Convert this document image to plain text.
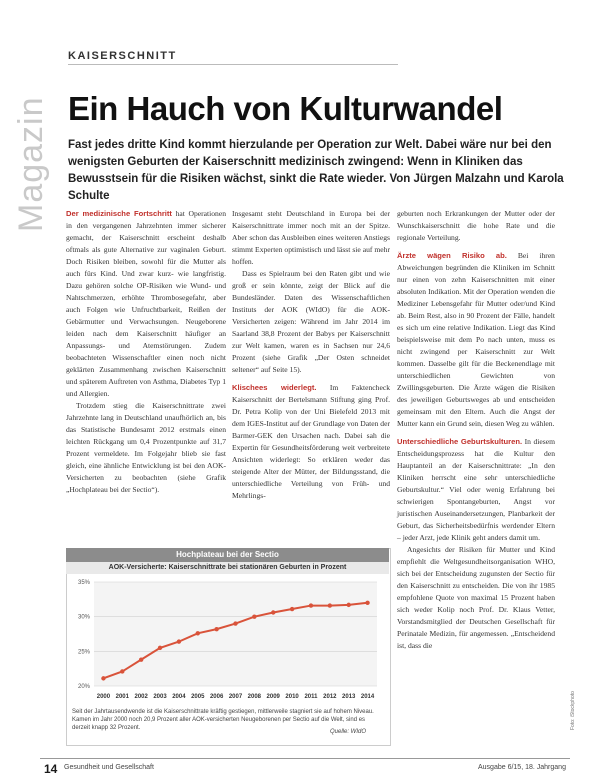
Magazin
KAISERSCHNITT
Ein Hauch von Kulturwandel
Fast jedes dritte Kind kommt hierzulande per Operation zur Welt. Dabei wäre nur bei den wenigsten Geburten der Kaiserschnitt medizinisch zwingend: Wenn in Kliniken das Bewusstsein für die Risiken wächst, sinkt die Rate wieder. Von Jürgen Malzahn und Karola Schulte

Der medizinische Fortschritt hat Operationen in den vergangenen Jahrzehnten immer sicherer gemacht, der Kaiserschnitt erscheint deshalb oftmals als gute Alternative zur vaginalen Geburt. Doch Risiken bleiben, sowohl für die Mutter als auch fürs Kind. Und zwar kurz- wie langfristig. Dazu gehören solche OP-Risiken wie Wund- und Nahtschmerzen, erhöhte Thrombosegefahr, aber auch Folgen wie Unfruchtbarkeit, Reißen der Gebärmutter und Verwachsungen. Neugeborene leiden nach dem Kaiserschnitt häufiger an Anpassungs- und Atemstörungen. Zudem beobachteten Wissenschaftler einen noch nicht geklärten Zusammenhang zwischen Kaiserschnitt und späterem Auftreten von Asthma, Diabetes Typ 1 und Allergien.

Trotzdem stieg die Kaiserschnittrate zwei Jahrzehnte lang in Deutschland unaufhörlich an, bis das Statistische Bundesamt 2012 erstmals einen leichten Rückgang um 0,4 Prozentpunkte auf 31,7 Prozent vermeldete. Im Folgejahr blieb sie fast gleich, eine ähnliche Entwicklung ist bei den AOK-Versicherten zu beobachten (siehe Grafik „Hochplateau bei der Sectio“).

Insgesamt steht Deutschland in Europa bei der Kaiserschnittrate immer noch mit an der Spitze. Aber schon das Ausbleiben eines weiteren Anstiegs stimmt Experten optimistisch und lässt sie auf mehr hoffen.

Dass es Spielraum bei den Raten gibt und wie groß er sein könnte, zeigt der Blick auf die Bundesländer. Daten des Wissenschaftlichen Instituts der AOK (WIdO) für die AOK-Versicherten zeigen: Während im Jahr 2014 im Saarland 38,8 Prozent der Babys per Kaiserschnitt zur Welt kamen, waren es in Sachsen nur 24,6 Prozent (siehe Grafik „Der Osten schneidet seltener“ auf Seite 15).

Klischees widerlegt. Im Faktencheck Kaiserschnitt der Bertelsmann Stiftung ging Prof. Dr. Petra Kolip von der Uni Bielefeld 2013 mit dem IGES-Institut auf der Grundlage von Daten der Barmer-GEK den Ursachen nach. Dabei sah die Expertin für Gesundheitsförderung weit verbreitete Ansichten widerlegt: So erklären weder das steigende Alter der Mütter, der Bildungsstand, die unterschiedliche Verteilung von Früh- und Mehrlings-

geburten noch Erkrankungen der Mutter oder der Wunschkaiserschnitt die hohe Rate und die regionale Verteilung.

Ärzte wägen Risiko ab. Bei ihren Abweichungen begründen die Kliniken im Schnitt nur einen von zehn Kaiserschnitten mit einer absoluten Indikation. Mit der Operation wenden die Mediziner Lebensgefahr für Mutter oder/und Kind ab. Beim Rest, also in 90 Prozent der Fälle, handelt es sich um eine relative Indikation. Liegt das Kind beispielsweise mit dem Po nach unten, muss es nicht zwingend per Kaiserschnitt zur Welt kommen. Dasselbe gilt für die Beckenendlage mit unterschiedlichen Gewichten von Zwillingsgeburten. Die Ärzte wägen die Risiken des jeweiligen Geburtsweges ab und entscheiden gemeinsam mit den Eltern. Auch die Angst der Mutter kann ein Grund sein, diesen Weg zu wählen.

Unterschiedliche Geburtskulturen. In diesem Entscheidungsprozess hat die Kultur den Hauptanteil an der Kaiserschnittrate: „In den Kliniken herrscht eine sehr unterschiedliche Geburtskultur.“ Viel oder wenig Erfahrung bei schwierigen Spontangeburten, Angst vor juristischen Auseinandersetzungen, Planbarkeit der Geburt, das Sicherheitsbedürfnis werdender Eltern – jeder Arzt, jede Klinik geht anders damit um.

Angesichts der Risiken für Mutter und Kind empfiehlt die Weltgesundheitsorganisation WHO, sich bei der Entscheidung zugunsten der Sectio für den Kaiserschnitt zu entscheiden. Die von ihr 1985 empfohlene Quote von maximal 15 Prozent haben sich weder Kolip noch Prof. Dr. Klaus Vetter, Vorstandsmitglied der Deutschen Gesellschaft für Perinatale Medizin, für angemessen. „Entscheidend ist, dass die

Hochplateau bei der Sectio
AOK-Versicherte: Kaiserschnittrate bei stationären Geburten in Prozent
35%
30%
25%
20%
2000 2001 2002 2003 2004 2005 2006 2007 2008 2009 2010 2011 2012 2013 2014
Seit der Jahrtausendwende ist die Kaiserschnittrate kräftig gestiegen, mittlerweile stagniert sie auf hohem Niveau. Kamen im Jahr 2000 noch 20,9 Prozent aller AOK-versicherten Neugeborenen per Sectio auf die Welt, sind es derzeit knapp 32 Prozent.
Quelle: WIdO
Foto: iStockphoto
14 Gesundheit und Gesellschaft	Ausgabe 6/15, 18. Jahrgang
